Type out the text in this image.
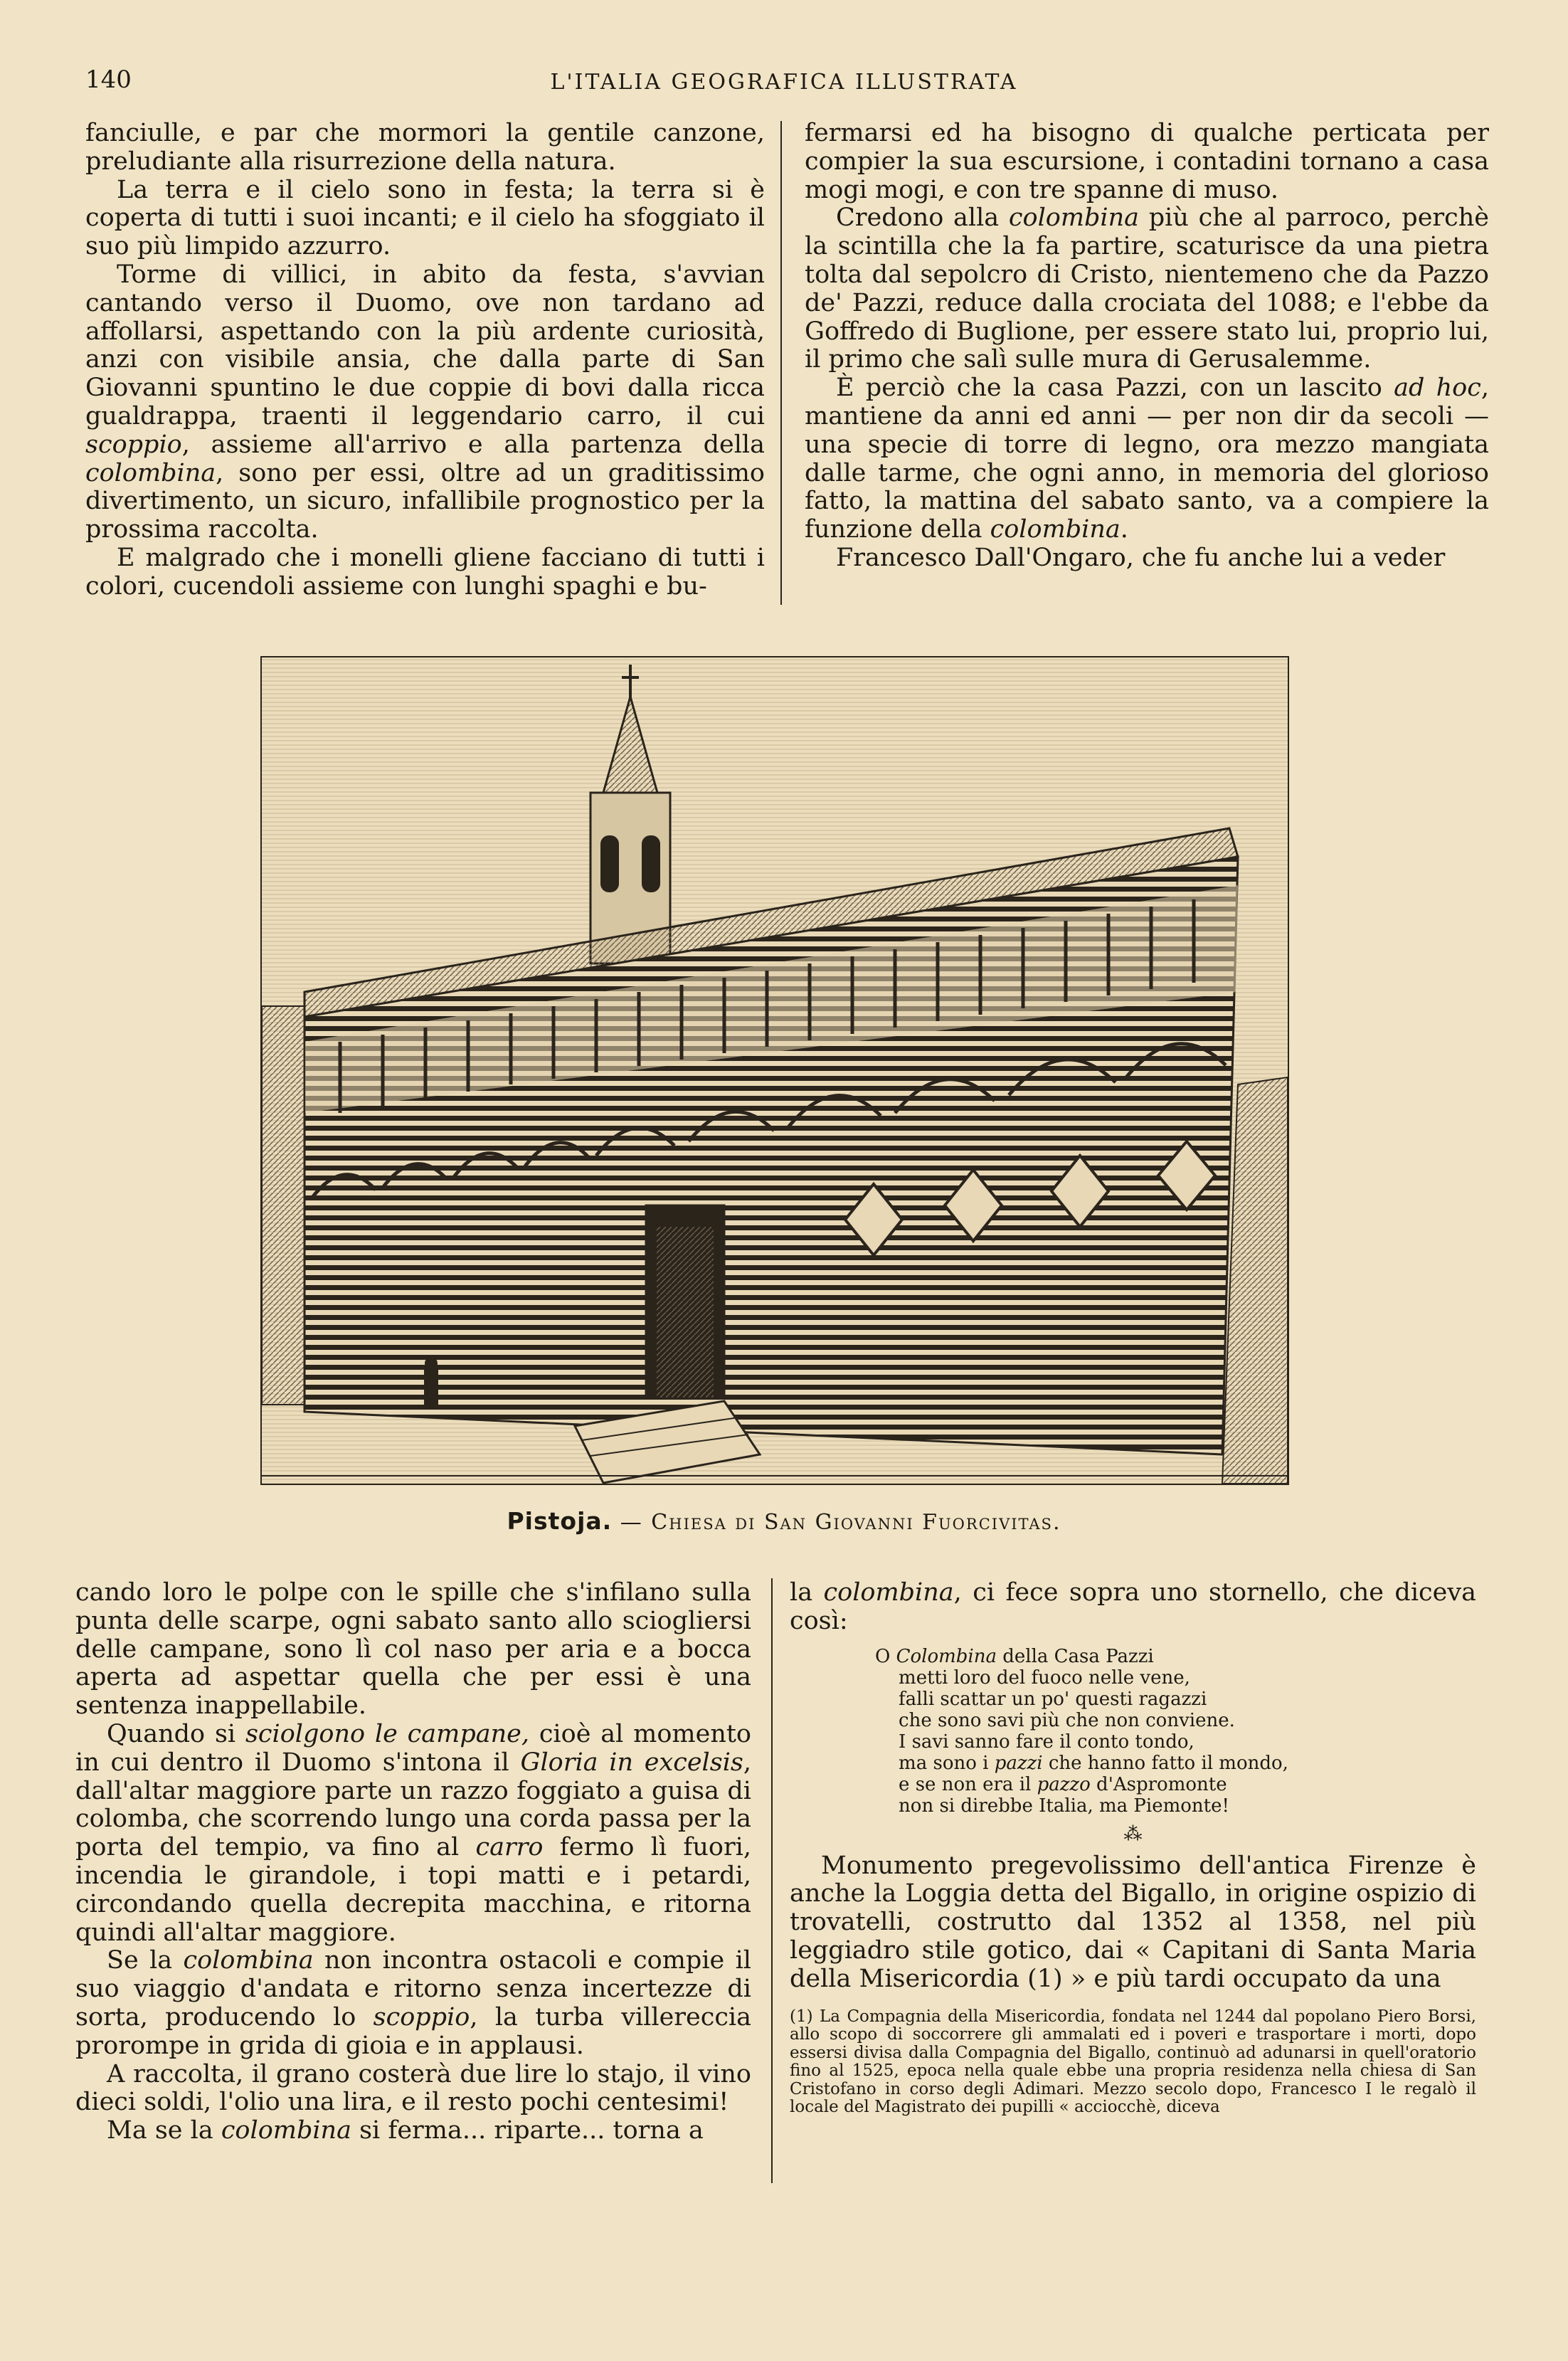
140	L'ITALIA GEOGRAFICA ILLUSTRATA

fanciulle, e par che mormori la gentile canzone, preludiante alla risurrezione della natura.

La terra e il cielo sono in festa; la terra si è coperta di tutti i suoi incanti; e il cielo ha sfoggiato il suo più limpido azzurro.

Torme di villici, in abito da festa, s'avvian cantando verso il Duomo, ove non tardano ad affollarsi, aspettando con la più ardente curiosità, anzi con visibile ansia, che dalla parte di San Giovanni spuntino le due coppie di bovi dalla ricca gualdrappa, traenti il leggendario carro, il cui scoppio, assieme all'arrivo e alla partenza della colombina, sono per essi, oltre ad un graditissimo divertimento, un sicuro, infallibile prognostico per la prossima raccolta.

E malgrado che i monelli gliene facciano di tutti i colori, cucendoli assieme con lunghi spaghi e bu-

fermarsi ed ha bisogno di qualche perticata per compier la sua escursione, i contadini tornano a casa mogi mogi, e con tre spanne di muso.

Credono alla colombina più che al parroco, perchè la scintilla che la fa partire, scaturisce da una pietra tolta dal sepolcro di Cristo, nientemeno che da Pazzo de' Pazzi, reduce dalla crociata del 1088; e l'ebbe da Goffredo di Buglione, per essere stato lui, proprio lui, il primo che salì sulle mura di Gerusalemme.

È perciò che la casa Pazzi, con un lascito ad hoc, mantiene da anni ed anni — per non dir da secoli — una specie di torre di legno, ora mezzo mangiata dalle tarme, che ogni anno, in memoria del glorioso fatto, la mattina del sabato santo, va a compiere la funzione della colombina.

Francesco Dall'Ongaro, che fu anche lui a veder

Pistoja. — Chiesa di San Giovanni Fuorcivitas.

cando loro le polpe con le spille che s'infilano sulla punta delle scarpe, ogni sabato santo allo sciogliersi delle campane, sono lì col naso per aria e a bocca aperta ad aspettar quella che per essi è una sentenza inappellabile.

Quando si sciolgono le campane, cioè al momento in cui dentro il Duomo s'intona il Gloria in excelsis, dall'altar maggiore parte un razzo foggiato a guisa di colomba, che scorrendo lungo una corda passa per la porta del tempio, va fino al carro fermo lì fuori, incendia le girandole, i topi matti e i petardi, circondando quella decrepita macchina, e ritorna quindi all'altar maggiore.

Se la colombina non incontra ostacoli e compie il suo viaggio d'andata e ritorno senza incertezze di sorta, producendo lo scoppio, la turba villereccia prorompe in grida di gioia e in applausi.

A raccolta, il grano costerà due lire lo stajo, il vino dieci soldi, l'olio una lira, e il resto pochi centesimi!

Ma se la colombina si ferma... riparte... torna a

la colombina, ci fece sopra uno stornello, che diceva così:

O Colombina della Casa Pazzi
metti loro del fuoco nelle vene,
falli scattar un po' questi ragazzi
che sono savi più che non conviene.
I savi sanno fare il conto tondo,
ma sono i pazzi che hanno fatto il mondo,
e se non era il pazzo d'Aspromonte
non si direbbe Italia, ma Piemonte!
⁂

Monumento pregevolissimo dell'antica Firenze è anche la Loggia detta del Bigallo, in origine ospizio di trovatelli, costrutto dal 1352 al 1358, nel più leggiadro stile gotico, dai « Capitani di Santa Maria della Misericordia (1) » e più tardi occupato da una

(1) La Compagnia della Misericordia, fondata nel 1244 dal popolano Piero Borsi, allo scopo di soccorrere gli ammalati ed i poveri e trasportare i morti, dopo essersi divisa dalla Compagnia del Bigallo, continuò ad adunarsi in quell'oratorio fino al 1525, epoca nella quale ebbe una propria residenza nella chiesa di San Cristofano in corso degli Adimari. Mezzo secolo dopo, Francesco I le regalò il locale del Magistrato dei pupilli « acciocchè, diceva
